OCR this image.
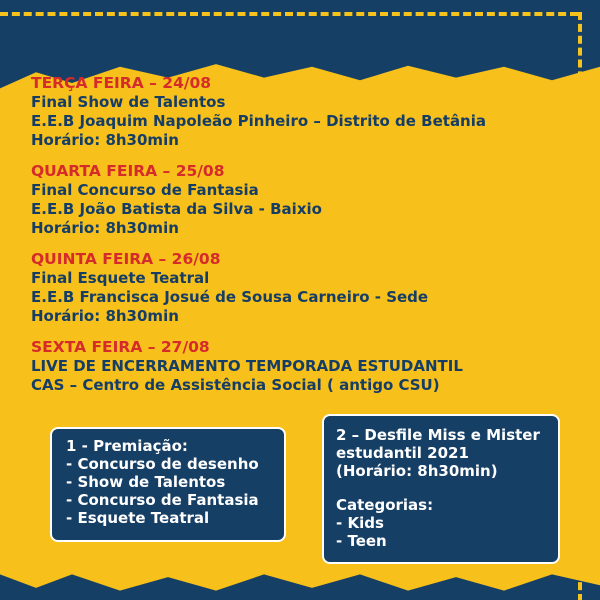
TERÇA FEIRA – 24/08
Final Show de Talentos
E.E.B Joaquim Napoleão Pinheiro – Distrito de Betânia
Horário: 8h30min
QUARTA FEIRA – 25/08
Final Concurso de Fantasia
E.E.B João Batista da Silva - Baixio
Horário: 8h30min
QUINTA FEIRA – 26/08
Final Esquete Teatral
E.E.B Francisca Josué de Sousa Carneiro - Sede
Horário: 8h30min
SEXTA FEIRA – 27/08
LIVE DE ENCERRAMENTO TEMPORADA ESTUDANTIL
CAS – Centro de Assistência Social ( antigo CSU)
1 - Premiação:
- Concurso de desenho
- Show de Talentos
- Concurso de Fantasia
- Esquete Teatral
2 – Desfile Miss e Mister
estudantil 2021
(Horário: 8h30min)
Categorias:
- Kids
- Teen
